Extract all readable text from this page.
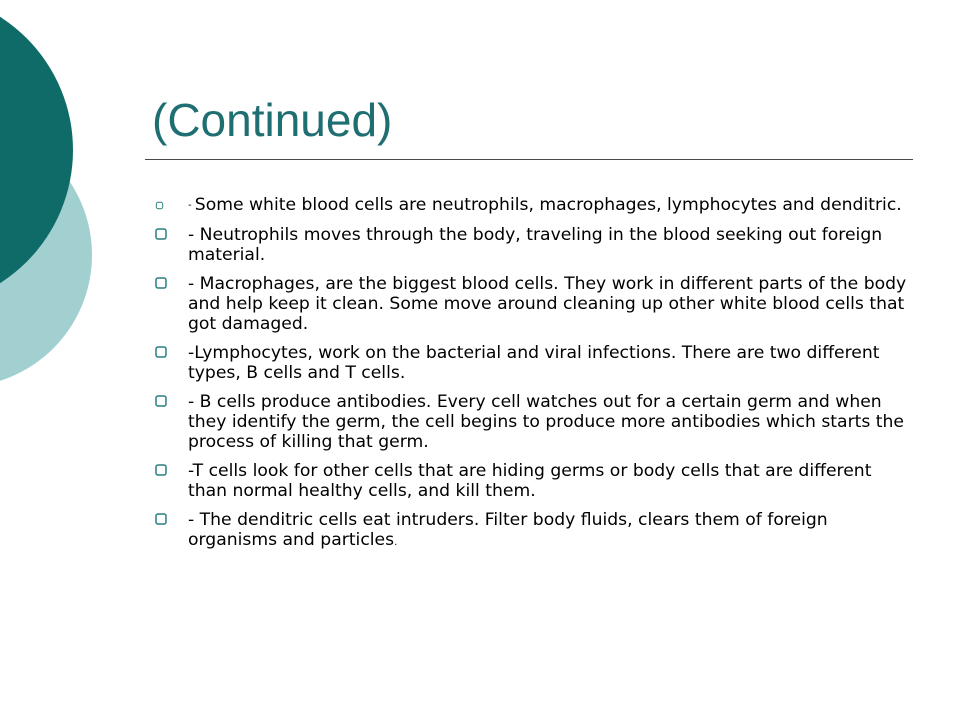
(Continued)
- Some white blood cells are neutrophils, macrophages, lymphocytes and denditric.
- Neutrophils moves through the body, traveling in the blood seeking out foreign material.
- Macrophages, are the biggest blood cells. They work in different parts of the body and help keep it clean. Some move around cleaning up other white blood cells that got damaged.
-Lymphocytes, work on the bacterial and viral infections. There are two different types, B cells and T cells.
- B cells produce antibodies. Every cell watches out for a certain germ and when they identify the germ, the cell begins to produce more antibodies which starts the process of killing that germ.
-T cells look for other cells that are hiding germs or body cells that are different than normal healthy cells, and kill them.
- The denditric cells eat intruders. Filter body fluids, clears them of foreign organisms and particles.
